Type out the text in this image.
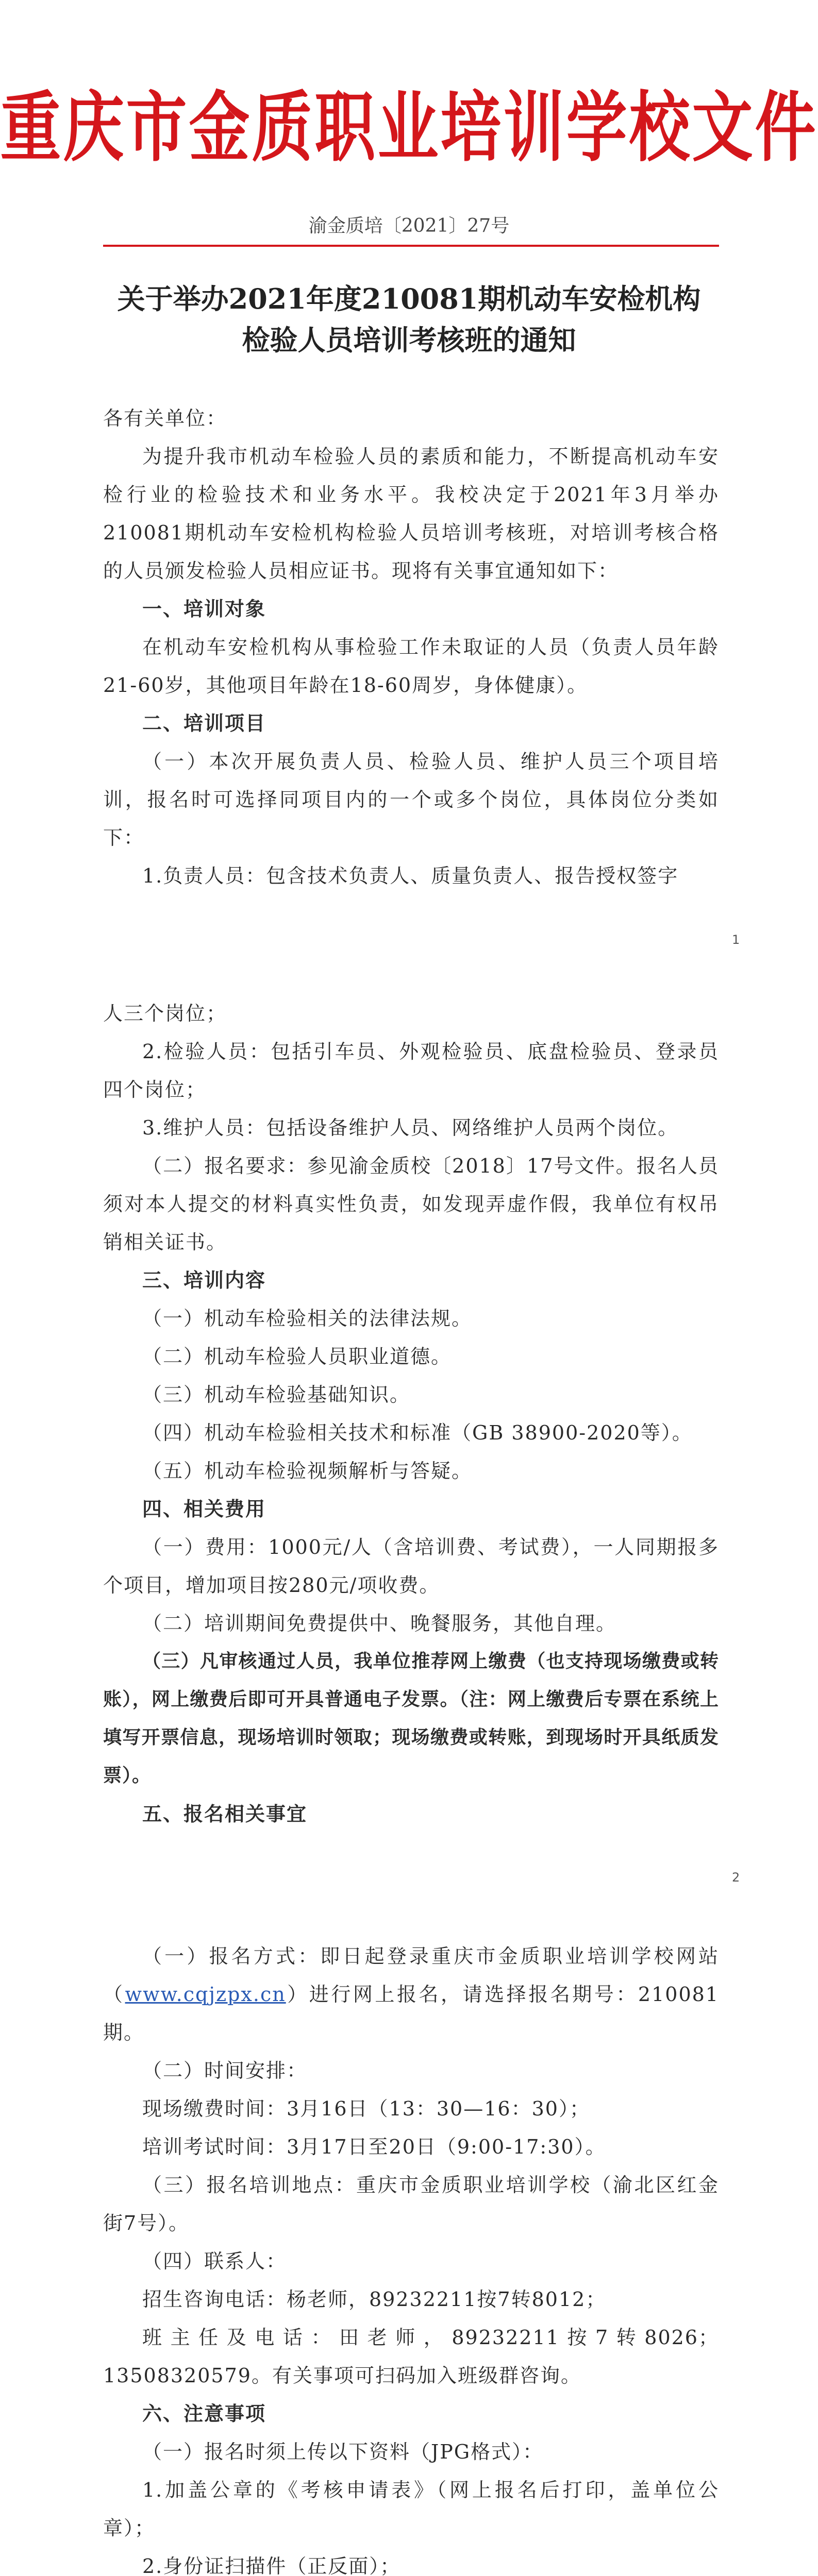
重庆市金质职业培训学校文件
渝金质培〔2021〕27号
关于举办2021年度210081期机动车安检机构
检验人员培训考核班的通知

各有关单位：

为提升我市机动车检验人员的素质和能力，不断提高机动车安检行业的检验技术和业务水平。我校决定于2021年3月举办210081期机动车安检机构检验人员培训考核班，对培训考核合格的人员颁发检验人员相应证书。现将有关事宜通知如下：

一、培训对象

在机动车安检机构从事检验工作未取证的人员（负责人员年龄21-60岁，其他项目年龄在18-60周岁，身体健康）。

二、培训项目

（一）本次开展负责人员、检验人员、维护人员三个项目培训，报名时可选择同项目内的一个或多个岗位，具体岗位分类如下：

1.负责人员：包含技术负责人、质量负责人、报告授权签字

1

人三个岗位；

2.检验人员：包括引车员、外观检验员、底盘检验员、登录员四个岗位；

3.维护人员：包括设备维护人员、网络维护人员两个岗位。

（二）报名要求：参见渝金质校〔2018〕17号文件。报名人员须对本人提交的材料真实性负责，如发现弄虚作假，我单位有权吊销相关证书。

三、培训内容

（一）机动车检验相关的法律法规。

（二）机动车检验人员职业道德。

（三）机动车检验基础知识。

（四）机动车检验相关技术和标准（GB 38900-2020等）。

（五）机动车检验视频解析与答疑。

四、相关费用

（一）费用：1000元/人（含培训费、考试费），一人同期报多个项目，增加项目按280元/项收费。

（二）培训期间免费提供中、晚餐服务，其他自理。

（三）凡审核通过人员，我单位推荐网上缴费（也支持现场缴费或转账），网上缴费后即可开具普通电子发票。（注：网上缴费后专票在系统上填写开票信息，现场培训时领取；现场缴费或转账，到现场时开具纸质发票）。

五、报名相关事宜

2

（一）报名方式：即日起登录重庆市金质职业培训学校网站（www.cqjzpx.cn）进行网上报名，请选择报名期号：210081期。

（二）时间安排：

现场缴费时间：3月16日（13：30—16：30）；

培训考试时间：3月17日至20日（9:00-17:30）。

（三）报名培训地点：重庆市金质职业培训学校（渝北区红金街7号）。

（四）联系人：

招生咨询电话：杨老师，89232211按7转8012；

班主任及电话：田老师，89232211按7转8026；13508320579。有关事项可扫码加入班级群咨询。

六、注意事项

（一）报名时须上传以下资料（JPG格式）：

1.加盖公章的《考核申请表》（网上报名后打印，盖单位公章）；

2.身份证扫描件（正反面）；
